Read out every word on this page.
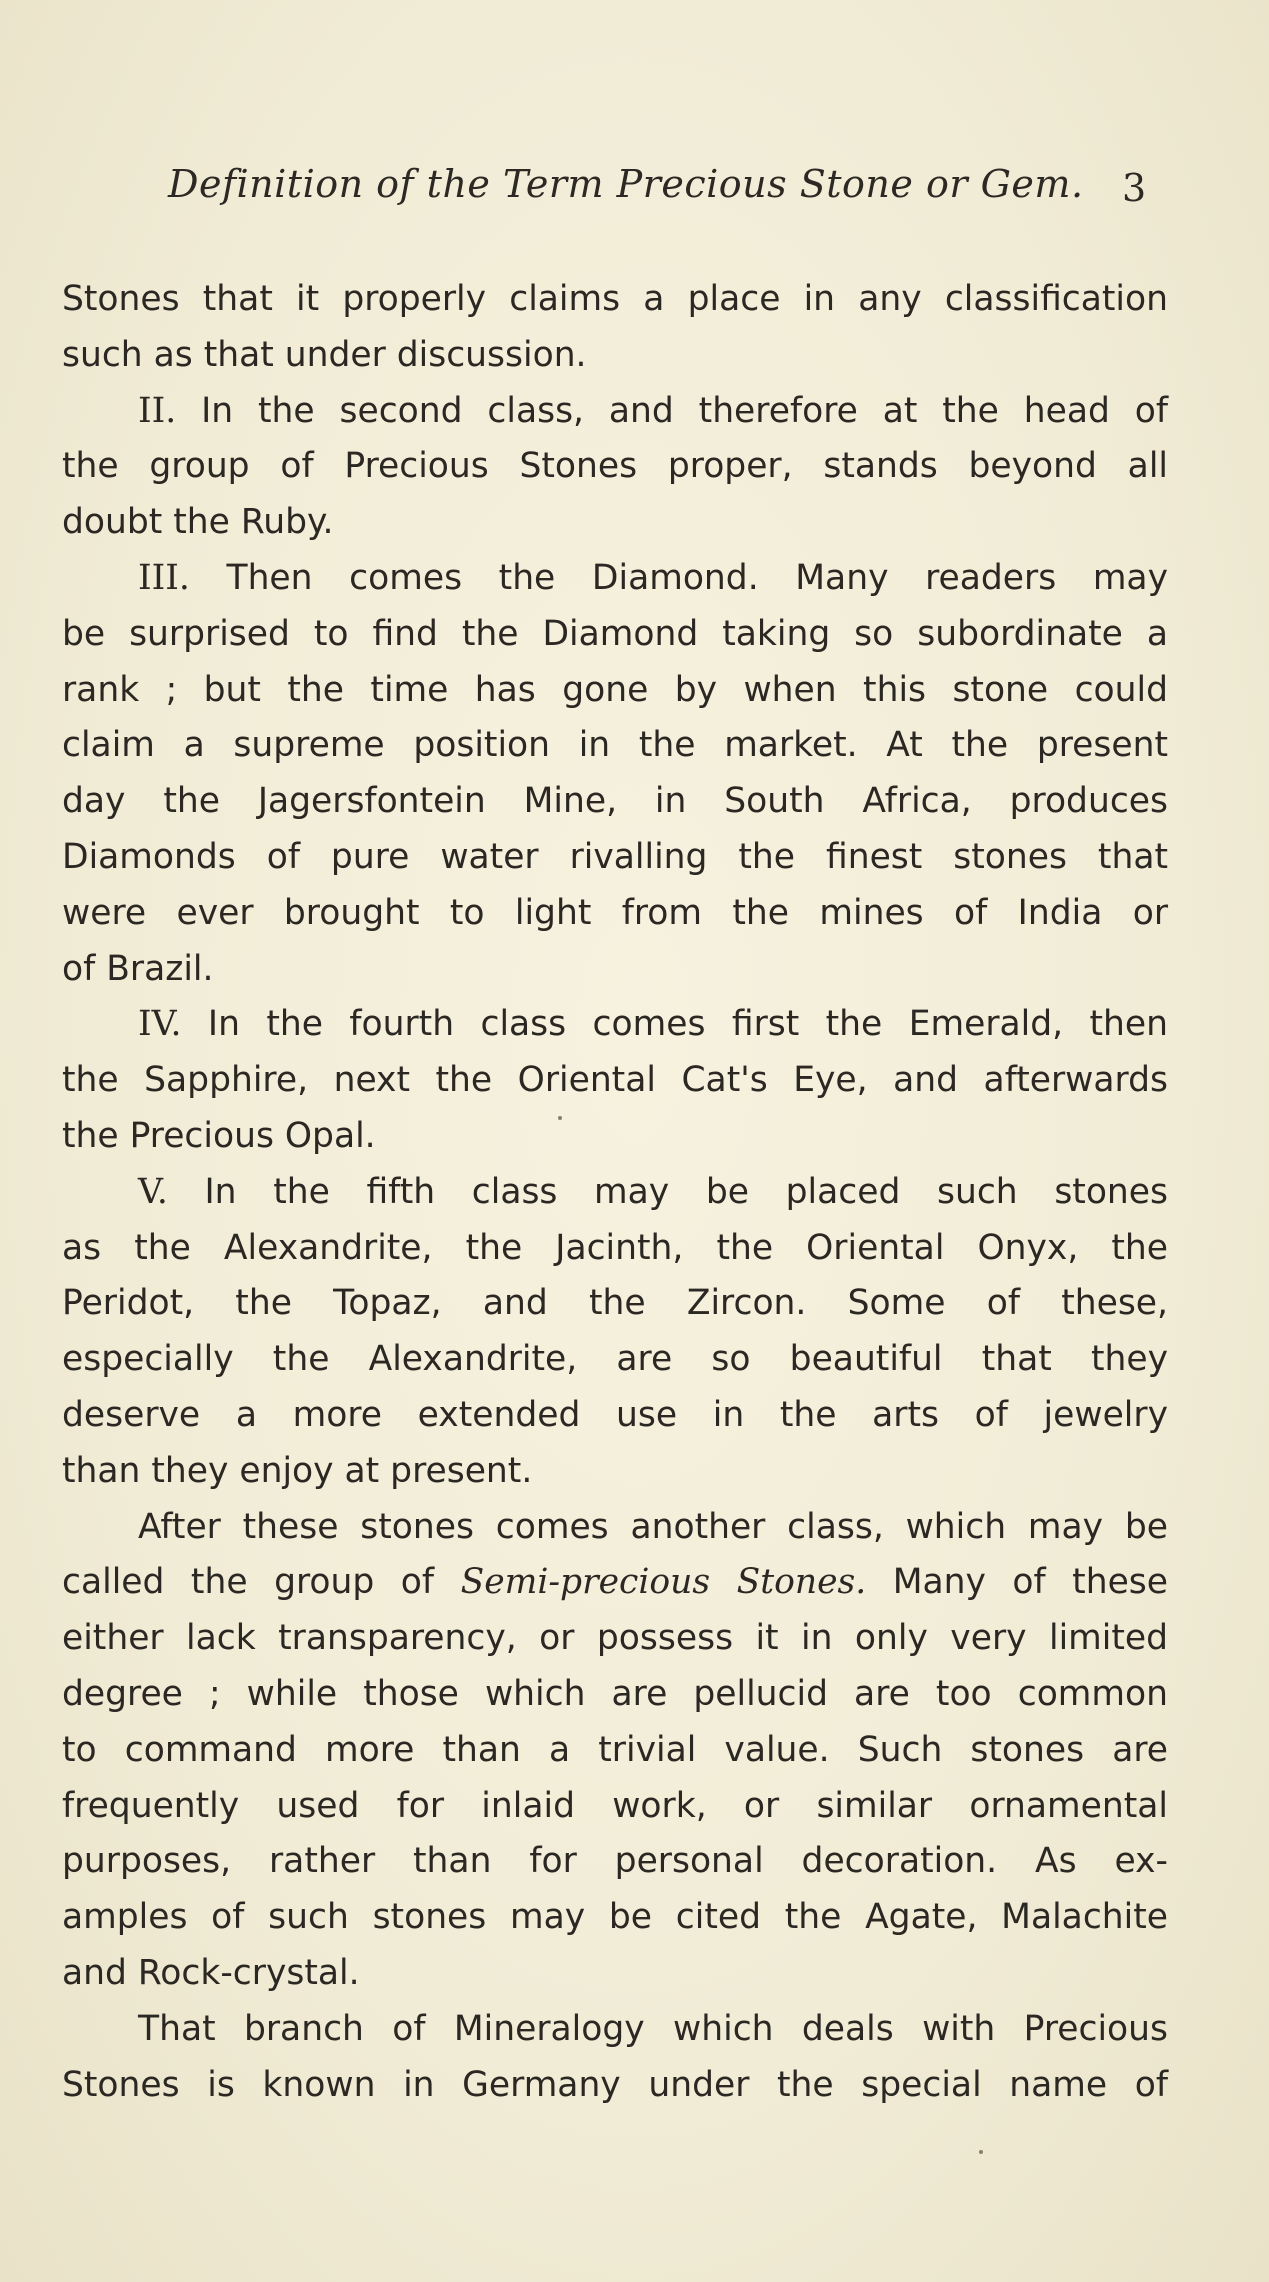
Definition of the Term Precious Stone or Gem. 3

Stones that it properly claims a place in any classification

such as that under discussion.

II. In the second class, and therefore at the head of

the group of Precious Stones proper, stands beyond all

doubt the Ruby.

III. Then comes the Diamond. Many readers may

be surprised to find the Diamond taking so subordinate a

rank ; but the time has gone by when this stone could

claim a supreme position in the market. At the present

day the Jagersfontein Mine, in South Africa, produces

Diamonds of pure water rivalling the finest stones that

were ever brought to light from the mines of India or

of Brazil.

IV. In the fourth class comes first the Emerald, then

the Sapphire, next the Oriental Cat's Eye, and afterwards

the Precious Opal.

V. In the fifth class may be placed such stones

as the Alexandrite, the Jacinth, the Oriental Onyx, the

Peridot, the Topaz, and the Zircon. Some of these,

especially the Alexandrite, are so beautiful that they

deserve a more extended use in the arts of jewelry

than they enjoy at present.

After these stones comes another class, which may be

called the group of Semi-precious Stones. Many of these

either lack transparency, or possess it in only very limited

degree ; while those which are pellucid are too common

to command more than a trivial value. Such stones are

frequently used for inlaid work, or similar ornamental

purposes, rather than for personal decoration. As ex-

amples of such stones may be cited the Agate, Malachite

and Rock-crystal.

That branch of Mineralogy which deals with Precious

Stones is known in Germany under the special name of
